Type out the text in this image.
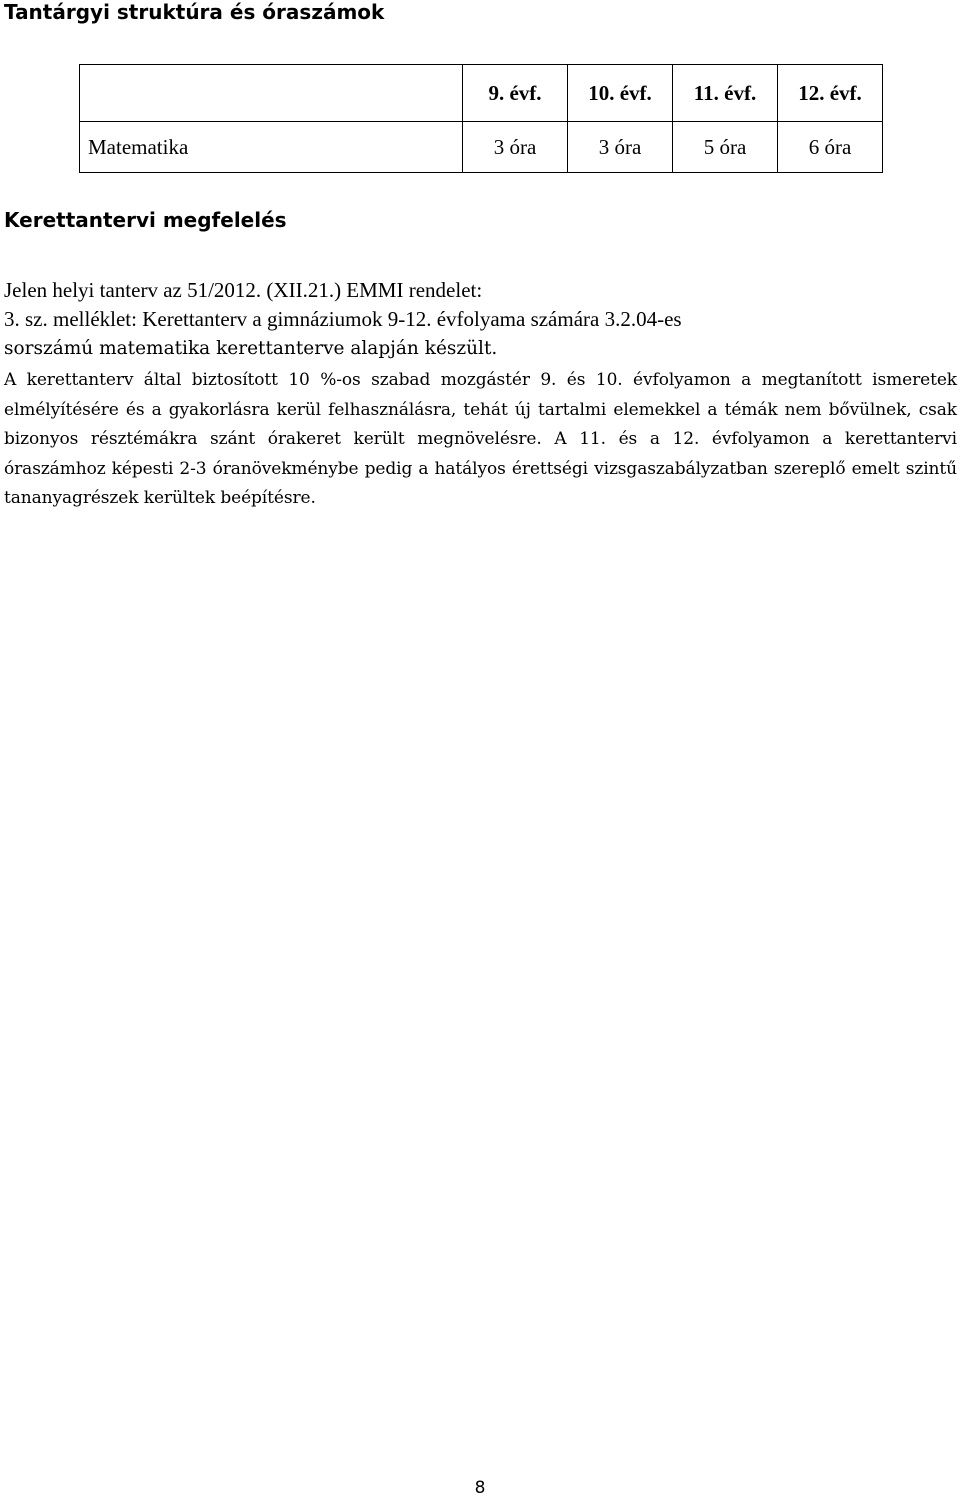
Tantárgyi struktúra és óraszámok
	9. évf.	10. évf.	11. évf.	12. évf.
Matematika	3 óra	3 óra	5 óra	6 óra
Kerettantervi megfelelés
Jelen helyi tanterv az 51/2012. (XII.21.) EMMI rendelet:
3. sz. melléklet: Kerettanterv a gimnáziumok 9-12. évfolyama számára 3.2.04-es
sorszámú matematika kerettanterve alapján készült.
A kerettanterv által biztosított 10 %-os szabad mozgástér 9. és 10. évfolyamon a megtanított ismeretek elmélyítésére és a gyakorlásra kerül felhasználásra, tehát új tartalmi elemekkel a témák nem bővülnek, csak bizonyos résztémákra szánt órakeret került megnövelésre. A 11. és a 12. évfolyamon a kerettantervi óraszámhoz képesti 2-3 óranövekménybe pedig a hatályos érettségi vizsgaszabályzatban szereplő emelt szintű tananyagrészek kerültek beépítésre.
8
